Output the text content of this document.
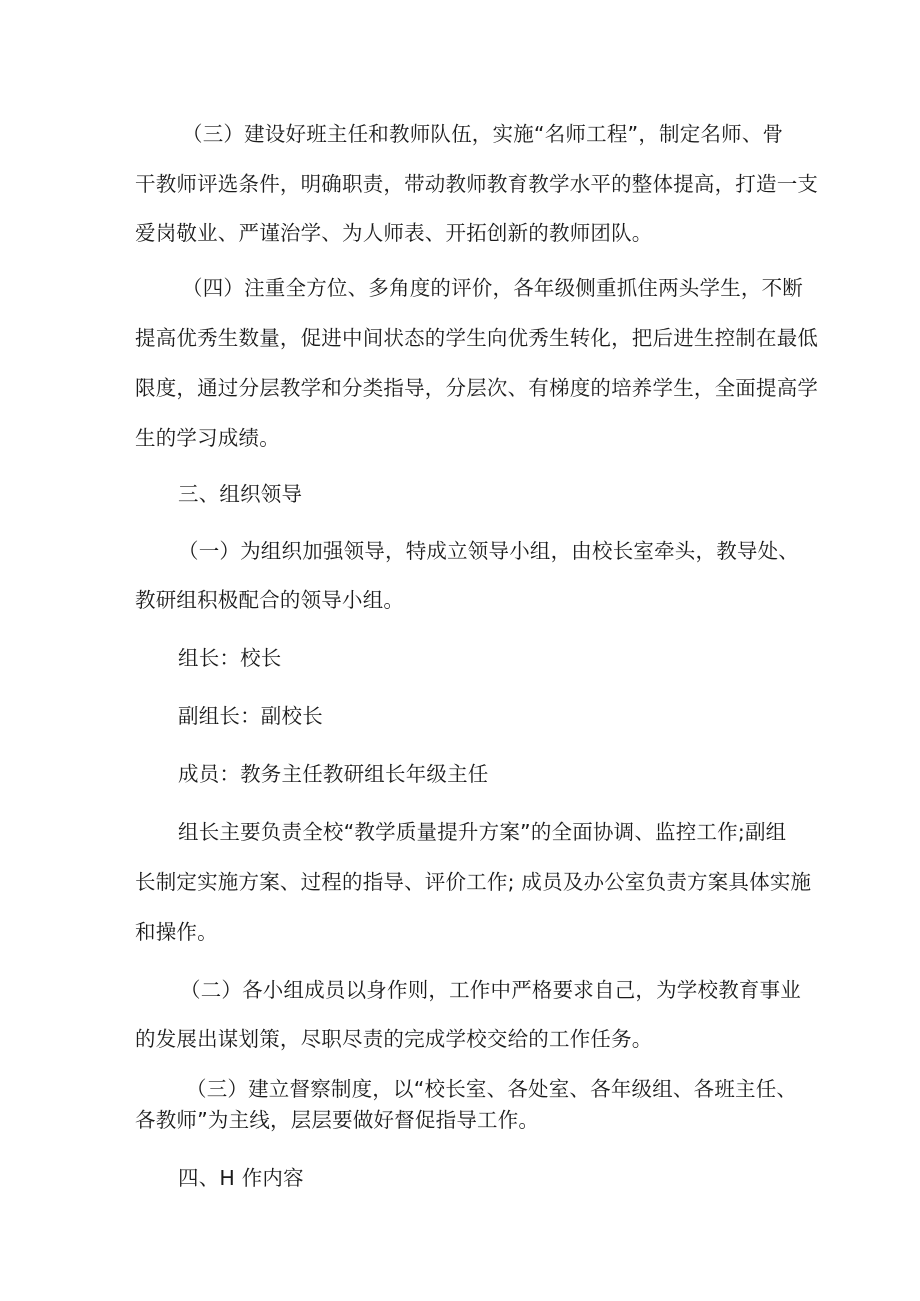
（三）建设好班主任和教师队伍，实施“名师工程”，制定名师、骨
干教师评选条件，明确职责，带动教师教育教学水平的整体提高，打造一支
爱岗敬业、严谨治学、为人师表、开拓创新的教师团队。
（四）注重全方位、多角度的评价，各年级侧重抓住两头学生，不断
提高优秀生数量，促进中间状态的学生向优秀生转化，把后进生控制在最低
限度，通过分层教学和分类指导，分层次、有梯度的培养学生，全面提高学
生的学习成绩。
三、组织领导
（一）为组织加强领导，特成立领导小组，由校长室牵头，教导处、
教研组积极配合的领导小组。
组长：校长
副组长：副校长
成员：教务主任教研组长年级主任
组长主要负责全校“教学质量提升方案”的全面协调、监控工作;副组
长制定实施方案、过程的指导、评价工作; 成员及办公室负责方案具体实施
和操作。
（二）各小组成员以身作则，工作中严格要求自己，为学校教育事业
的发展出谋划策，尽职尽责的完成学校交给的工作任务。
（三）建立督察制度，以“校长室、各处室、各年级组、各班主任、
各教师”为主线，层层要做好督促指导工作。
四、H 作内容
